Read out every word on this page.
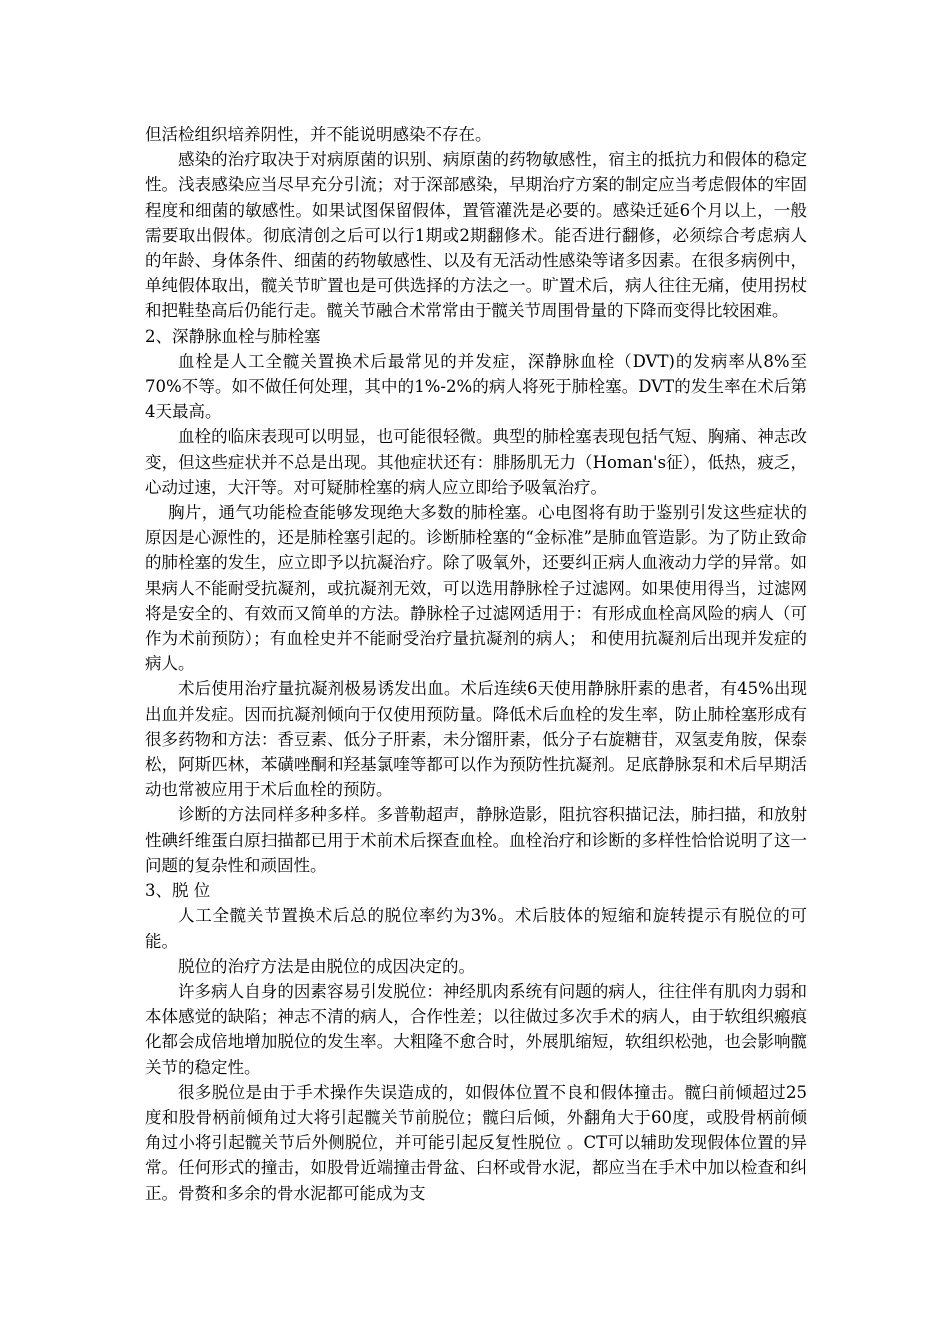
但活检组织培养阴性，并不能说明感染不存在。

感染的治疗取决于对病原菌的识别、病原菌的药物敏感性，宿主的抵抗力和假体的稳定性。浅表感染应当尽早充分引流；对于深部感染，早期治疗方案的制定应当考虑假体的牢固程度和细菌的敏感性。如果试图保留假体，置管灌洗是必要的。感染迁延6个月以上，一般需要取出假体。彻底清创之后可以行1期或2期翻修术。能否进行翻修，必须综合考虑病人的年龄、身体条件、细菌的药物敏感性、以及有无活动性感染等诸多因素。在很多病例中，单纯假体取出，髋关节旷置也是可供选择的方法之一。旷置术后，病人往往无痛，使用拐杖和把鞋垫高后仍能行走。髋关节融合术常常由于髋关节周围骨量的下降而变得比较困难。

2、深静脉血栓与肺栓塞

血栓是人工全髋关置换术后最常见的并发症，深静脉血栓（DVT)的发病率从8%至70%不等。如不做任何处理，其中的1%-2%的病人将死于肺栓塞。DVT的发生率在术后第4天最高。

血栓的临床表现可以明显，也可能很轻微。典型的肺栓塞表现包括气短、胸痛、神志改变，但这些症状并不总是出现。其他症状还有：腓肠肌无力（Homan's征），低热，疲乏，心动过速，大汗等。对可疑肺栓塞的病人应立即给予吸氧治疗。

胸片，通气功能检查能够发现绝大多数的肺栓塞。心电图将有助于鉴别引发这些症状的原因是心源性的，还是肺栓塞引起的。诊断肺栓塞的“金标准”是肺血管造影。为了防止致命的肺栓塞的发生，应立即予以抗凝治疗。除了吸氧外，还要纠正病人血液动力学的异常。如果病人不能耐受抗凝剂，或抗凝剂无效，可以选用静脉栓子过滤网。如果使用得当，过滤网将是安全的、有效而又简单的方法。静脉栓子过滤网适用于：有形成血栓高风险的病人（可作为术前预防）；有血栓史并不能耐受治疗量抗凝剂的病人； 和使用抗凝剂后出现并发症的病人。

术后使用治疗量抗凝剂极易诱发出血。术后连续6天使用静脉肝素的患者，有45%出现出血并发症。因而抗凝剂倾向于仅使用预防量。降低术后血栓的发生率，防止肺栓塞形成有很多药物和方法：香豆素、低分子肝素，未分馏肝素，低分子右旋糖苷，双氢麦角胺，保泰松，阿斯匹林，苯磺唑酮和羟基氯喹等都可以作为预防性抗凝剂。足底静脉泵和术后早期活动也常被应用于术后血栓的预防。

诊断的方法同样多种多样。多普勒超声，静脉造影，阻抗容积描记法，肺扫描，和放射性碘纤维蛋白原扫描都已用于术前术后探查血栓。血栓治疗和诊断的多样性恰恰说明了这一问题的复杂性和顽固性。

3、脱 位

人工全髋关节置换术后总的脱位率约为3%。术后肢体的短缩和旋转提示有脱位的可能。

脱位的治疗方法是由脱位的成因决定的。

许多病人自身的因素容易引发脱位：神经肌肉系统有问题的病人，往往伴有肌肉力弱和本体感觉的缺陷；神志不清的病人，合作性差；以往做过多次手术的病人，由于软组织瘢痕化都会成倍地增加脱位的发生率。大粗隆不愈合时，外展肌缩短，软组织松弛，也会影响髋关节的稳定性。

很多脱位是由于手术操作失误造成的，如假体位置不良和假体撞击。髋臼前倾超过25度和股骨柄前倾角过大将引起髋关节前脱位；髋臼后倾，外翻角大于60度，或股骨柄前倾角过小将引起髋关节后外侧脱位，并可能引起反复性脱位 。CT可以辅助发现假体位置的异常。任何形式的撞击，如股骨近端撞击骨盆、臼杯或骨水泥，都应当在手术中加以检查和纠正。骨赘和多余的骨水泥都可能成为支
